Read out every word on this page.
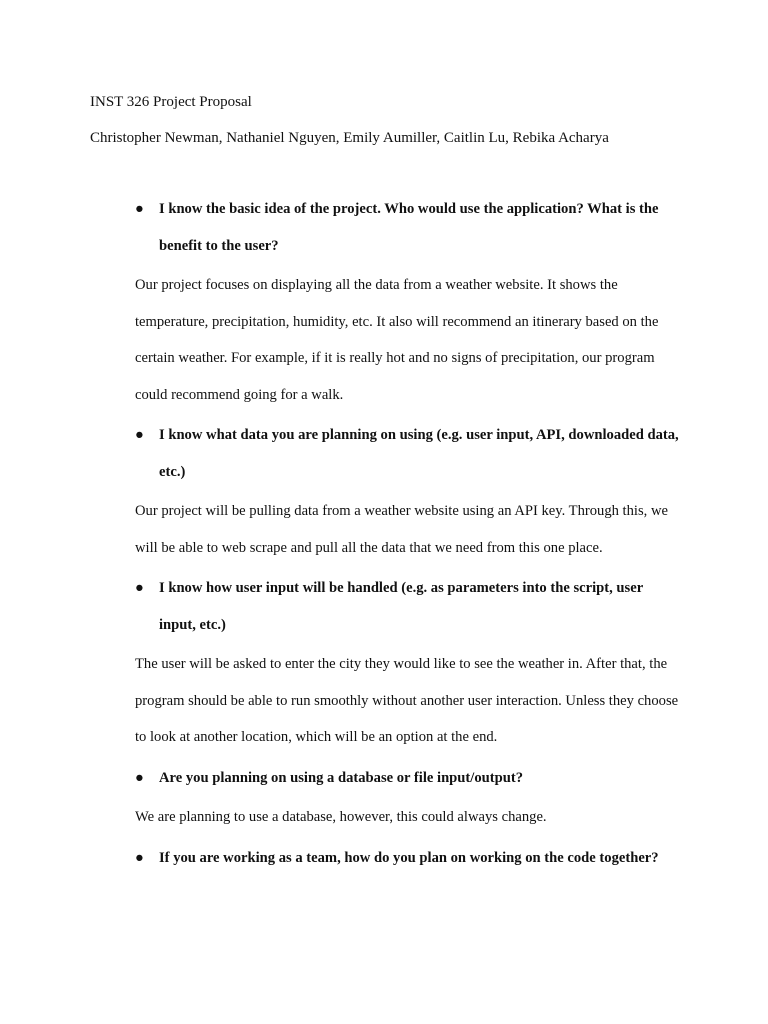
INST 326 Project Proposal
Christopher Newman, Nathaniel Nguyen, Emily Aumiller, Caitlin Lu, Rebika Acharya
● I know the basic idea of the project. Who would use the application? What is the benefit to the user?

Our project focuses on displaying all the data from a weather website. It shows the temperature, precipitation, humidity, etc. It also will recommend an itinerary based on the certain weather. For example, if it is really hot and no signs of precipitation, our program could recommend going for a walk.

● I know what data you are planning on using (e.g. user input, API, downloaded data, etc.)

Our project will be pulling data from a weather website using an API key. Through this, we will be able to web scrape and pull all the data that we need from this one place.

● I know how user input will be handled (e.g. as parameters into the script, user input, etc.)

The user will be asked to enter the city they would like to see the weather in. After that, the program should be able to run smoothly without another user interaction. Unless they choose to look at another location, which will be an option at the end.

● Are you planning on using a database or file input/output?

We are planning to use a database, however, this could always change.

● If you are working as a team, how do you plan on working on the code together?
